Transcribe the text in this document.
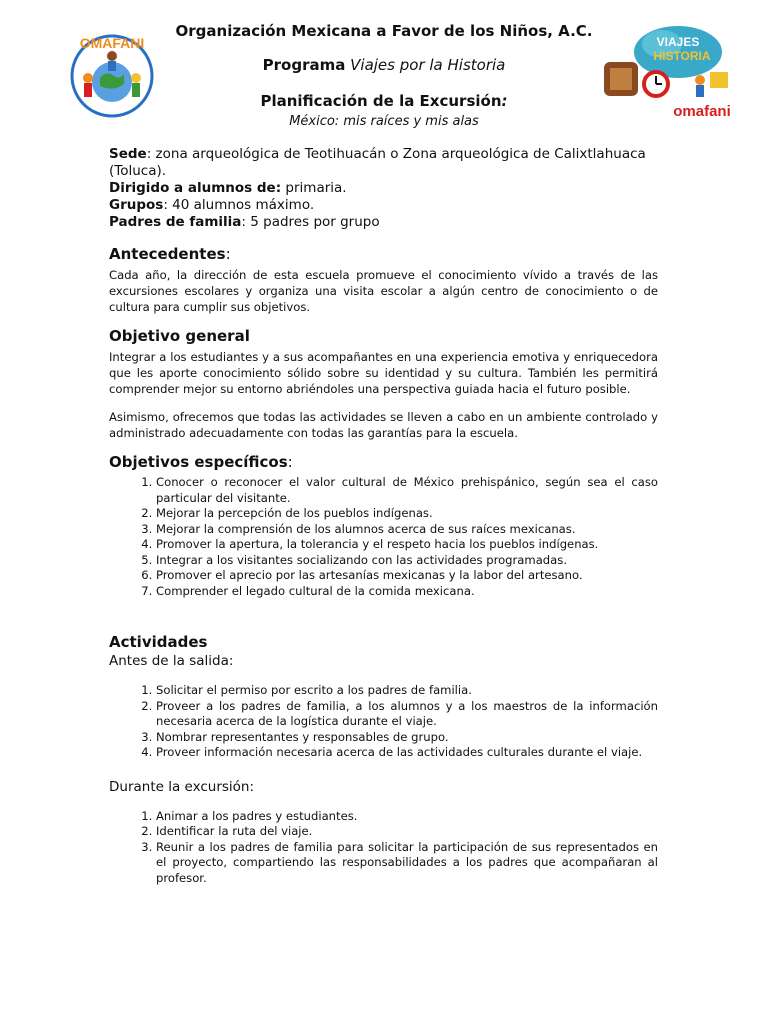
OMAFANI
Organización Mexicana a Favor de los Niños, A.C.
Programa Viajes por la Historia
Planificación de la Excursión:
México: mis raíces y mis alas
VIAJES
HISTORIA
omafani
Sede: zona arqueológica de Teotihuacán o Zona arqueológica de Calixtlahuaca (Toluca).
Dirigido a alumnos de: primaria.
Grupos: 40 alumnos máximo.
Padres de familia: 5 padres por grupo
Antecedentes:

Cada año, la dirección de esta escuela promueve el conocimiento vívido a través de las excursiones escolares y organiza una visita escolar a algún centro de conocimiento o de cultura para cumplir sus objetivos.

Objetivo general

Integrar a los estudiantes y a sus acompañantes en una experiencia emotiva y enriquecedora que les aporte conocimiento sólido sobre su identidad y su cultura. También les permitirá comprender mejor su entorno abriéndoles una perspectiva guiada hacia el futuro posible.

Asimismo, ofrecemos que todas las actividades se lleven a cabo en un ambiente controlado y administrado adecuadamente con todas las garantías para la escuela.

Objetivos específicos:
1. Conocer o reconocer el valor cultural de México prehispánico, según sea el caso particular del visitante.
2. Mejorar la percepción de los pueblos indígenas.
3. Mejorar la comprensión de los alumnos acerca de sus raíces mexicanas.
4. Promover la apertura, la tolerancia y el respeto hacia los pueblos indígenas.
5. Integrar a los visitantes socializando con las actividades programadas.
6. Promover el aprecio por las artesanías mexicanas y la labor del artesano.
7. Comprender el legado cultural de la comida mexicana.
Actividades
Antes de la salida:
1. Solicitar el permiso por escrito a los padres de familia.
2. Proveer a los padres de familia, a los alumnos y a los maestros de la información necesaria acerca de la logística durante el viaje.
3. Nombrar representantes y responsables de grupo.
4. Proveer información necesaria acerca de las actividades culturales durante el viaje.
Durante la excursión:
1. Animar a los padres y estudiantes.
2. Identificar la ruta del viaje.
3. Reunir a los padres de familia para solicitar la participación de sus representados en el proyecto, compartiendo las responsabilidades a los padres que acompañaran al profesor.
